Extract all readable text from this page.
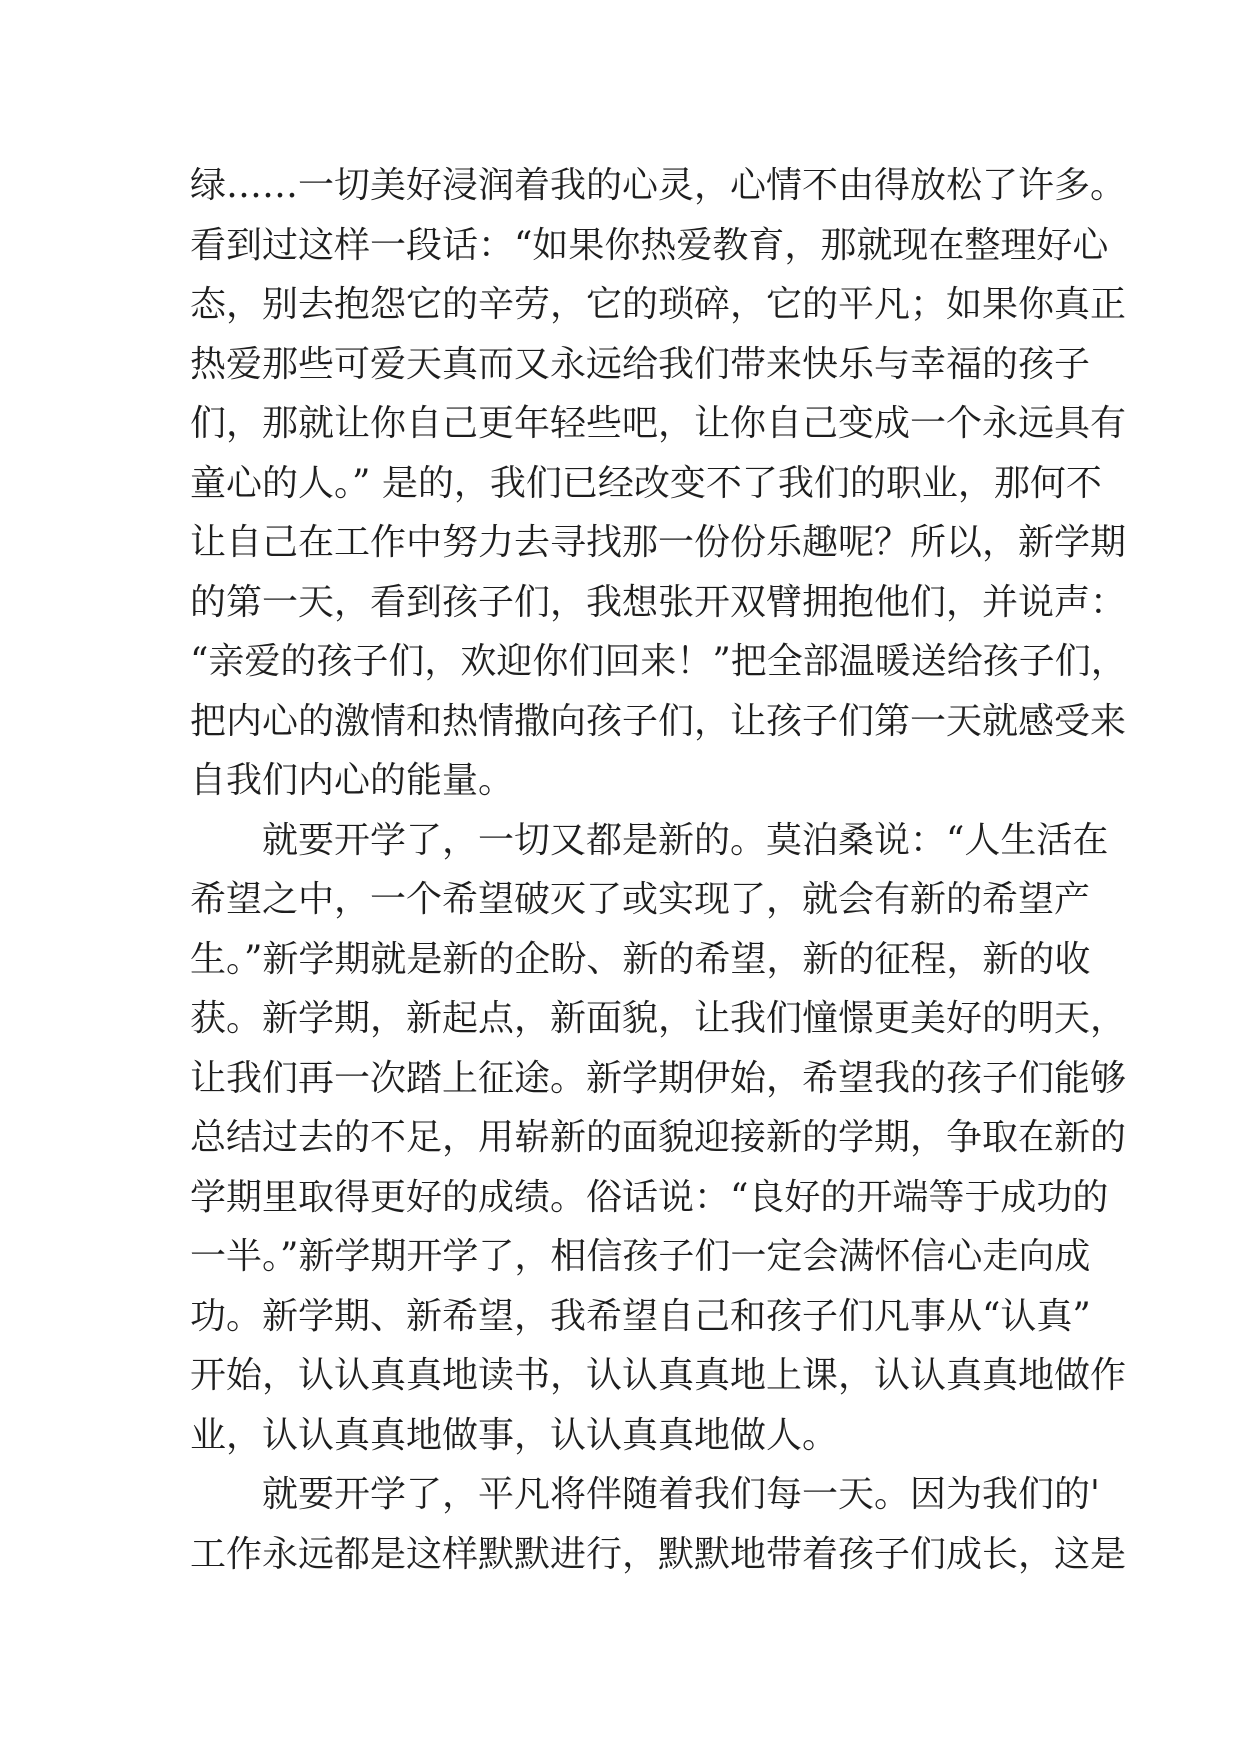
绿……一切美好浸润着我的心灵，心情不由得放松了许多。
看到过这样一段话：“如果你热爱教育，那就现在整理好心
态，别去抱怨它的辛劳，它的琐碎，它的平凡；如果你真正
热爱那些可爱天真而又永远给我们带来快乐与幸福的孩子
们，那就让你自己更年轻些吧，让你自己变成一个永远具有
童心的人。” 是的，我们已经改变不了我们的职业，那何不
让自己在工作中努力去寻找那一份份乐趣呢？所以，新学期
的第一天，看到孩子们，我想张开双臂拥抱他们，并说声：
“亲爱的孩子们，欢迎你们回来！”把全部温暖送给孩子们，
把内心的激情和热情撒向孩子们，让孩子们第一天就感受来
自我们内心的能量。
就要开学了，一切又都是新的。莫泊桑说：“人生活在
希望之中，一个希望破灭了或实现了，就会有新的希望产
生。”新学期就是新的企盼、新的希望，新的征程，新的收
获。新学期，新起点，新面貌，让我们憧憬更美好的明天，
让我们再一次踏上征途。新学期伊始，希望我的孩子们能够
总结过去的不足，用崭新的面貌迎接新的学期，争取在新的
学期里取得更好的成绩。俗话说：“良好的开端等于成功的
一半。”新学期开学了，相信孩子们一定会满怀信心走向成
功。新学期、新希望，我希望自己和孩子们凡事从“认真”
开始，认认真真地读书，认认真真地上课，认认真真地做作
业，认认真真地做事，认认真真地做人。
就要开学了，平凡将伴随着我们每一天。因为我们的'
工作永远都是这样默默进行，默默地带着孩子们成长，这是
